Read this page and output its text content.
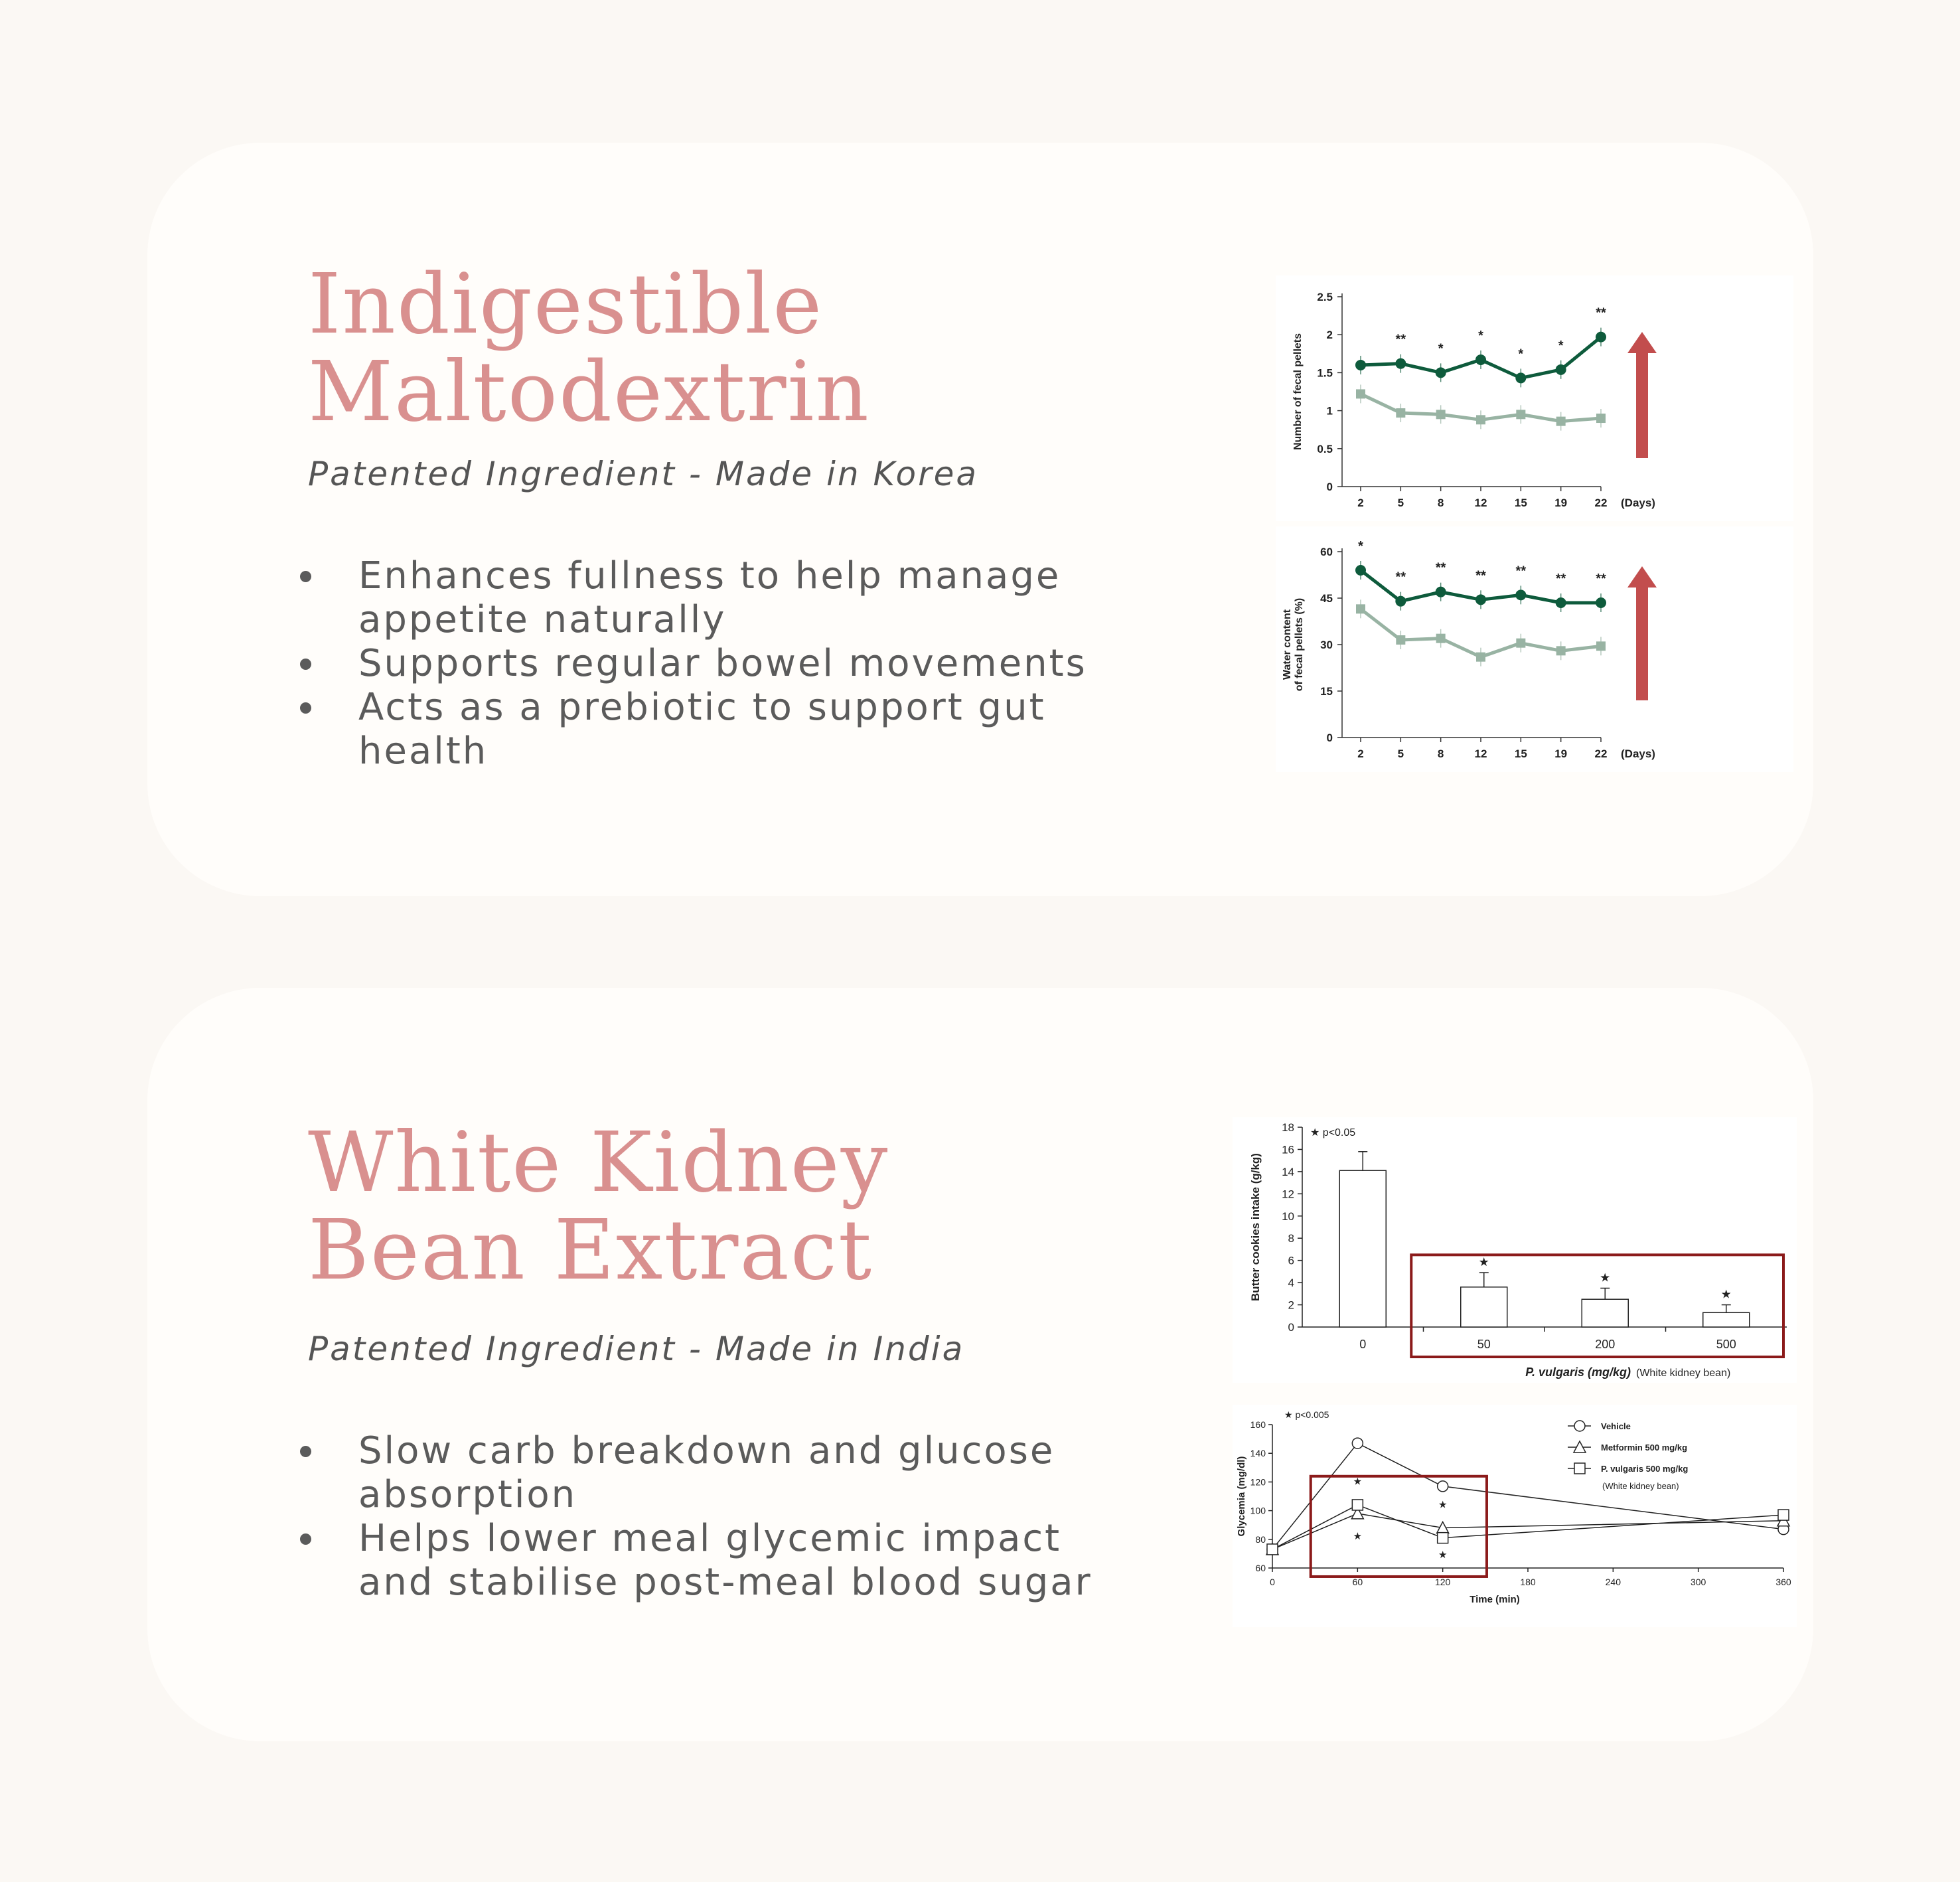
Indigestible
Maltodextrin

Patented Ingredient - Made in Korea

Enhances fullness to help manage appetite naturally
Supports regular bowel movements
Acts as a prebiotic to support gut health
0
0.5
1
1.5
2
2.5
2	5	8	12 15 19 22 (Days)
Number of fecal pellets	**
*
*
*
*
**
0
15
30
45
60
2	5	8	12 15 19 22 (Days)
Water content of fecal pellets (%)
*
**
**
** **
** **
White Kidney
Bean Extract

Patented Ingredient - Made in India

Slow carb breakdown and glucose absorption
Helps lower meal glycemic impact and stabilise post-meal blood sugar
0
2
4
6
8
10
12
14
16
18
Butter cookies intake (g/kg)
★ p<0.05
0
★
50
★
200
★
500
P. vulgaris (mg/kg) (White kidney bean)
60
80
100
120
140
160
0	60	120	180	240	300	360
Time (min)
Glycemia (mg/dl)
★ p<0.005
★
★
★
★
Vehicle
Metformin 500 mg/kg
P. vulgaris 500 mg/kg
(White kidney bean)
